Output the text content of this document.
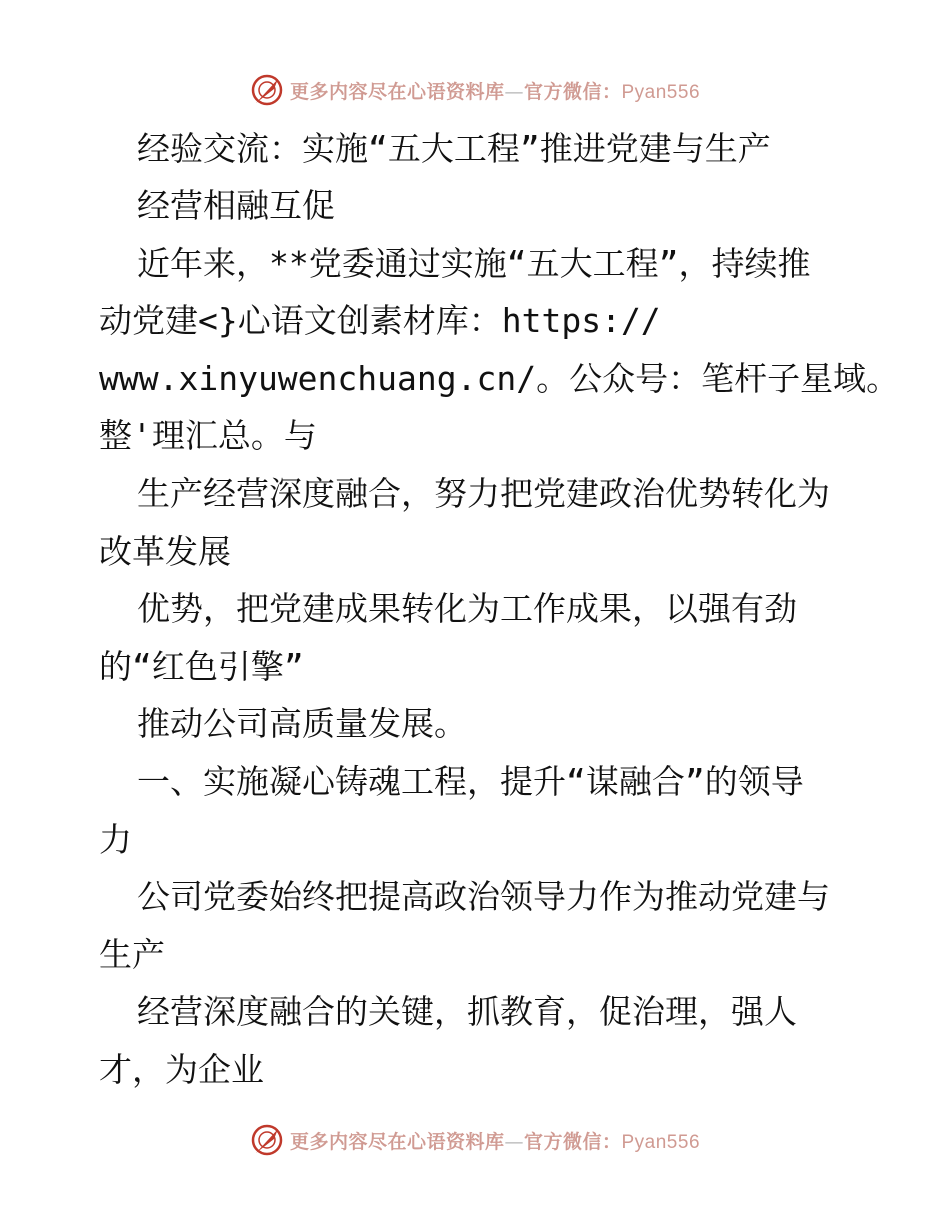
更多内容尽在心语资料库—官方微信：Pyan556
经验交流：实施“五大工程”推进党建与生产
经营相融互促
近年来，**党委通过实施“五大工程”，持续推
动党建<}心语文创素材库：https://
www.xinyuwenchuang.cn/。公众号：笔杆子星域。
整'理汇总。与
生产经营深度融合，努力把党建政治优势转化为
改革发展
优势，把党建成果转化为工作成果，以强有劲
的“红色引擎”
推动公司高质量发展。
一、实施凝心铸魂工程，提升“谋融合”的领导
力
公司党委始终把提高政治领导力作为推动党建与
生产
经营深度融合的关键，抓教育，促治理，强人
才，为企业
更多内容尽在心语资料库—官方微信：Pyan556
